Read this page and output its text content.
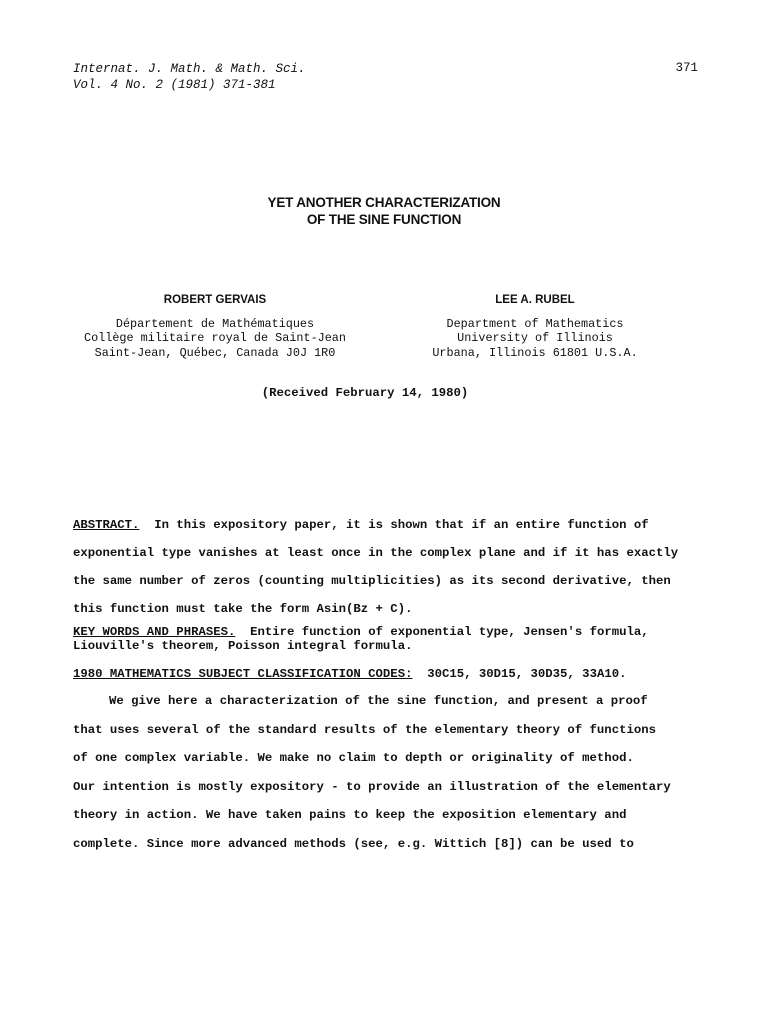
Internat. J. Math. & Math. Sci.
Vol. 4 No. 2 (1981) 371-381
371
YET ANOTHER CHARACTERIZATION
OF THE SINE FUNCTION
ROBERT GERVAIS
Département de Mathématiques
Collège militaire royal de Saint-Jean
Saint-Jean, Québec, Canada J0J 1R0
LEE A. RUBEL
Department of Mathematics
University of Illinois
Urbana, Illinois 61801 U.S.A.
(Received February 14, 1980)
ABSTRACT. In this expository paper, it is shown that if an entire function of
exponential type vanishes at least once in the complex plane and if it has exactly
the same number of zeros (counting multiplicities) as its second derivative, then
this function must take the form Asin(Bz + C).
KEY WORDS AND PHRASES. Entire function of exponential type, Jensen's formula,
Liouville's theorem, Poisson integral formula.
1980 MATHEMATICS SUBJECT CLASSIFICATION CODES: 30C15, 30D15, 30D35, 33A10.
We give here a characterization of the sine function, and present a proof
that uses several of the standard results of the elementary theory of functions
of one complex variable. We make no claim to depth or originality of method.
Our intention is mostly expository - to provide an illustration of the elementary
theory in action. We have taken pains to keep the exposition elementary and
complete. Since more advanced methods (see, e.g. Wittich [8]) can be used to
